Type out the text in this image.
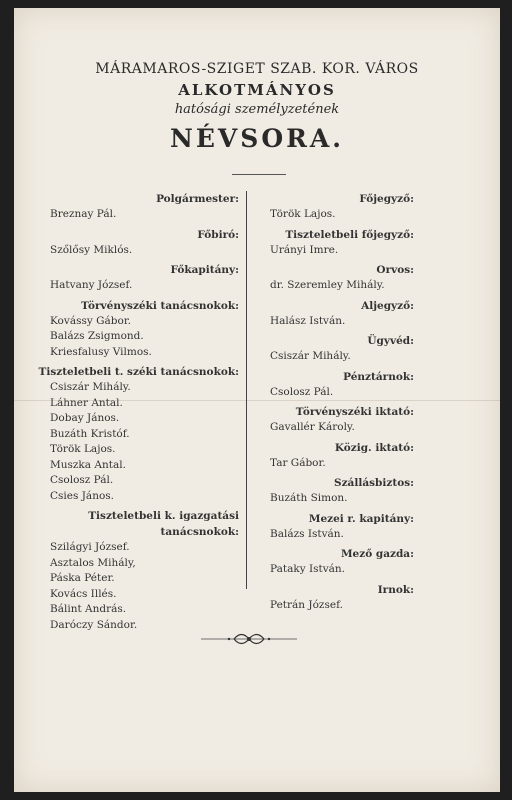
MÁRAMAROS-SZIGET SZAB. KOR. VÁROS
ALKOTMÁNYOS
hatósági személyzetének
NÉVSORA.
Polgármester:
Breznay Pál.
Főbiró:
Szőlősy Miklós.
Főkapitány:
Hatvany József.
Törvényszéki tanácsnokok:
Kovássy Gábor.
Balázs Zsigmond.
Kriesfalusy Vilmos.
Tiszteletbeli t. széki tanácsnokok:
Csiszár Mihály.
Láhner Antal.
Dobay János.
Buzáth Kristóf.
Török Lajos.
Muszka Antal.
Csolosz Pál.
Csies János.
Tiszteletbeli k. igazgatási tanácsnokok:
Szilágyi József.
Asztalos Mihály,
Páska Péter.
Kovács Illés.
Bálint András.
Daróczy Sándor.
Főjegyző:
Török Lajos.
Tiszteletbeli főjegyző:
Urányi Imre.
Orvos:
dr. Szeremley Mihály.
Aljegyző:
Halász István.
Ügyvéd:
Csiszár Mihály.
Pénztárnok:
Csolosz Pál.
Törvényszéki iktató:
Gavallér Károly.
Közig. iktató:
Tar Gábor.
Szállásbiztos:
Buzáth Simon.
Mezei r. kapitány:
Balázs István.
Mező gazda:
Pataky István.
Irnok:
Petrán József.
